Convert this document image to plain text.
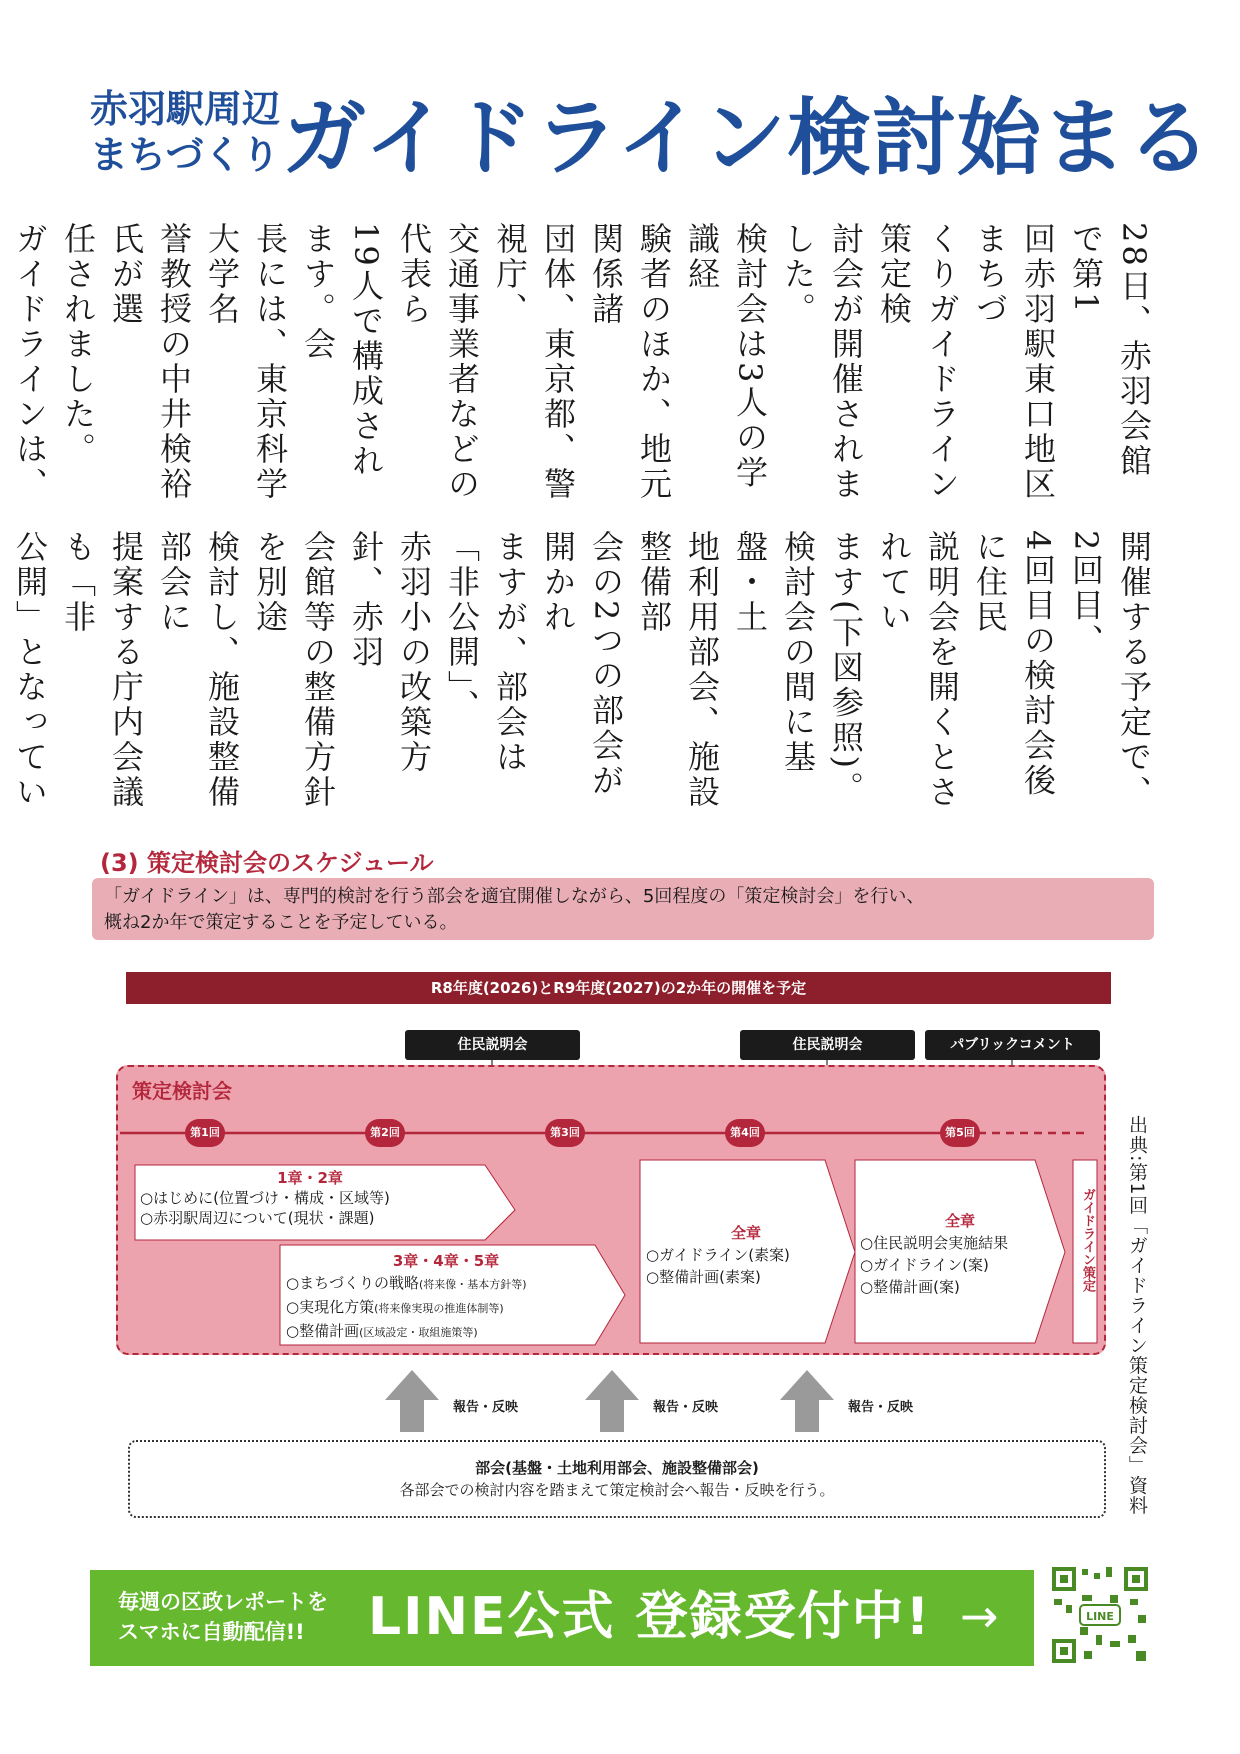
赤羽駅周辺
まちづくり ガイドライン検討始まる
28日、赤羽会館で第1
回赤羽駅東口地区まちづ
くりガイドライン策定検
討会が開催されました。
検討会は3人の学識経
験者のほか、地元関係諸
団体、東京都、警視庁、
交通事業者などの代表ら
19人で構成されます。会
長には、東京科学大学名
誉教授の中井検裕氏が選
任されました。
ガイドラインは、

開催する予定で、2回目、
4回目の検討会後に住民
説明会を開くとされてい
ます(下図参照)。
検討会の間に基盤・土
地利用部会、施設整備部
会の2つの部会が開かれ
ますが、部会は「非公開」、
赤羽小の改築方針、赤羽
会館等の整備方針を別途
検討し、施設整備部会に
提案する庁内会議も「非
公開」となってい

(3) 策定検討会のスケジュール
「ガイドライン」は、専門的検討を行う部会を適宜開催しながら、5回程度の「策定検討会」を行い、
概ね2か年で策定することを予定している。
R8年度(2026)とR9年度(2027)の2か年の開催を予定
住民説明会	住民説明会	パブリックコメント
策定検討会
第1回	第2回	第3回	第4回	第5回
1章・2章
○はじめに(位置づけ・構成・区域等)
○赤羽駅周辺について(現状・課題)
3章・4章・5章
○まちづくりの戦略(将来像・基本方針等)
○実現化方策(将来像実現の推進体制等)
○整備計画(区域設定・取組施策等)
全章
○ガイドライン(素案)
○整備計画(素案)
全章
○住民説明会実施結果
○ガイドライン(案)
○整備計画(案)	ガイドライン策定
報告・反映	報告・反映	報告・反映
部会(基盤・土地利用部会、施設整備部会)
各部会での検討内容を踏まえて策定検討会へ報告・反映を行う。	出典:第1回「ガイドライン策定検討会」資料
毎週の区政レポートを
スマホに自動配信!!	LINE公式 登録受付中! →	LINE
